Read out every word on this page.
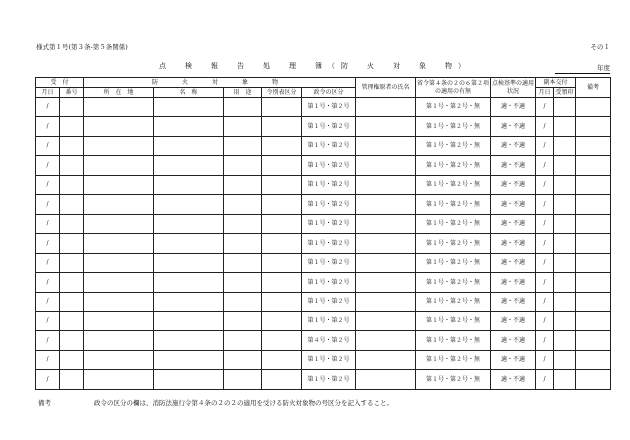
様式第１号(第３条-第５条関係)	その１
点　検　報　告　処　理　簿（防　火　対　象　物）	年度
受　付		防　火　対　象　物					管理権原者の氏名	省令第４条の２の６第２項の適用の有無	点検基準の適用状況	副本交付		備考
月日	番号	所　在　地	名　称	用　途	令別表区分	政令の区分				月日	受領印	
/						第１号・第２号		第１号・第２号・無	適・不適	/		
/						第１号・第２号		第１号・第２号・無	適・不適	/		
/						第１号・第２号		第１号・第２号・無	適・不適	/		
/						第１号・第２号		第１号・第２号・無	適・不適	/		
/						第１号・第２号		第１号・第２号・無	適・不適	/		
/						第１号・第２号		第１号・第２号・無	適・不適	/		
/						第１号・第２号		第１号・第２号・無	適・不適	/		
/						第１号・第２号		第１号・第２号・無	適・不適	/		
/						第１号・第２号		第１号・第２号・無	適・不適	/		
/						第１号・第２号		第１号・第２号・無	適・不適	/		
/						第１号・第２号		第１号・第２号・無	適・不適	/		
/						第１号・第２号		第１号・第２号・無	適・不適	/		
/						第４号・第２号		第１号・第２号・無	適・不適	/		
/						第１号・第２号		第１号・第２号・無	適・不適	/		
/						第１号・第２号		第１号・第２号・無	適・不適	/		
備考	政令の区分の欄は、消防法施行令第４条の２の２の適用を受ける防火対象物の号区分を記入すること。
